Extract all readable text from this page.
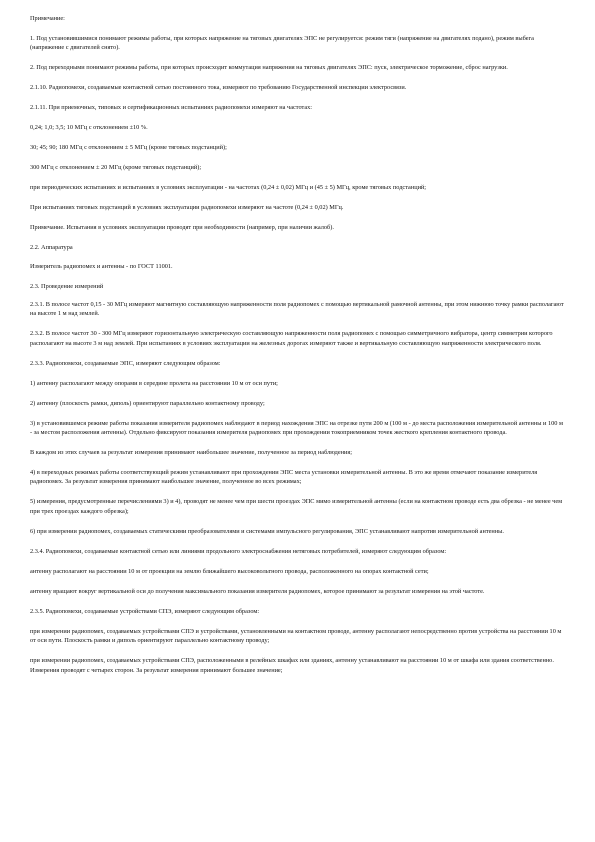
Примечание:

1. Под установившимися понимают режимы работы, при которых напряжение на тяговых двигателях ЭПС не регулируется: режим тяги (напряжение на двигателях подано), режим выбега (напряжение с двигателей снято).

2. Под переходными понимают режимы работы, при которых происходит коммутация напряжения на тяговых двигателях ЭПС: пуск, электрическое торможение, сброс нагрузки.

2.1.10. Радиопомехи, создаваемые контактной сетью постоянного тока, измеряют по требованию Государственной инспекции электросвязи.

2.1.11. При приемочных, типовых и сертификационных испытаниях радиопомехи измеряют на частотах:

0,24; 1,0; 3,5; 10 МГц с отклонением ±10 %.

30; 45; 90; 180 МГц с отклонением ± 5 МГц (кроме тяговых подстанций);

300 МГц с отклонением ± 20 МГц (кроме тяговых подстанций);

при периодических испытаниях и испытаниях в условиях эксплуатации - на частотах (0,24 ± 0,02) МГц и (45 ± 5) МГц, кроме тяговых подстанций;

При испытаниях тяговых подстанций в условиях эксплуатации радиопомехи измеряют на частоте (0,24 ± 0,02) МГц.

Примечание. Испытания в условиях эксплуатации проводят при необходимости (например, при наличии жалоб).

2.2. Аппаратура

Измеритель радиопомех и антенны - по ГОСТ 11001.

2.3. Проведение измерений

2.3.1. В полосе частот 0,15 - 30 МГц измеряют магнитную составляющую напряженности поля радиопомех с помощью вертикальной рамочной антенны, при этом нижнюю точку рамки располагают на высоте 1 м над землей.

2.3.2. В полосе частот 30 - 300 МГц измеряют горизонтальную электрическую составляющую напряженности поля радиопомех с помощью симметричного вибратора, центр симметрии которого располагают на высоте 3 м над землей. При испытаниях в условиях эксплуатации на железных дорогах измеряют также и вертикальную составляющую напряженности электрического поля.

2.3.3. Радиопомехи, создаваемые ЭПС, измеряют следующим образом:

1) антенну располагают между опорами в середине пролета на расстоянии 10 м от оси пути;

2) антенну (плоскость рамки, диполь) ориентируют параллельно контактному проводу;

3) в установившемся режиме работы показания измерителя радиопомех наблюдают в период нахождения ЭПС на отрезке пути 200 м (100 м - до места расположения измерительной антенны и 100 м - за местом расположения антенны). Отдельно фиксируют показания измерителя радиопомех при прохождении токоприемником точек жесткого крепления контактного провода.

В каждом из этих случаев за результат измерения принимают наибольшее значение, полученное за период наблюдения;

4) в переходных режимах работы соответствующий режим устанавливают при прохождении ЭПС места установки измерительной антенны. В это же время отмечают показание измерителя радиопомех. За результат измерения принимают наибольшее значение, полученное во всех режимах;

5) измерения, предусмотренные перечислениями 3) и 4), проводят не менее чем при шести проездах ЭПС мимо измерительной антенны (если на контактном проводе есть два обрезка - не менее чем при трех проездах каждого обрезка);

6) при измерении радиопомех, создаваемых статическими преобразователями и системами импульсного регулирования, ЭПС устанавливают напротив измерительной антенны.

2.3.4. Радиопомехи, создаваемые контактной сетью или линиями продольного электроснабжения нетяговых потребителей, измеряют следующим образом:

антенну располагают на расстоянии 10 м от проекции на землю ближайшего высоковольтного провода, расположенного на опорах контактной сети;

антенну вращают вокруг вертикальной оси до получения максимального показания измерителя радиопомех, которое принимают за результат измерения на этой частоте.

2.3.5. Радиопомехи, создаваемые устройствами СПЭ, измеряют следующим образом:

при измерении радиопомех, создаваемых устройствами СПЭ и устройствами, установленными на контактном проводе, антенну располагают непосредственно против устройства на расстоянии 10 м от оси пути. Плоскость рамки и диполь ориентируют параллельно контактному проводу;

при измерении радиопомех, создаваемых устройствами СПЭ, расположенными в релейных шкафах или зданиях, антенну устанавливают на расстоянии 10 м от шкафа или здания соответственно. Измерения проводят с четырех сторон. За результат измерения принимают большее значение;
